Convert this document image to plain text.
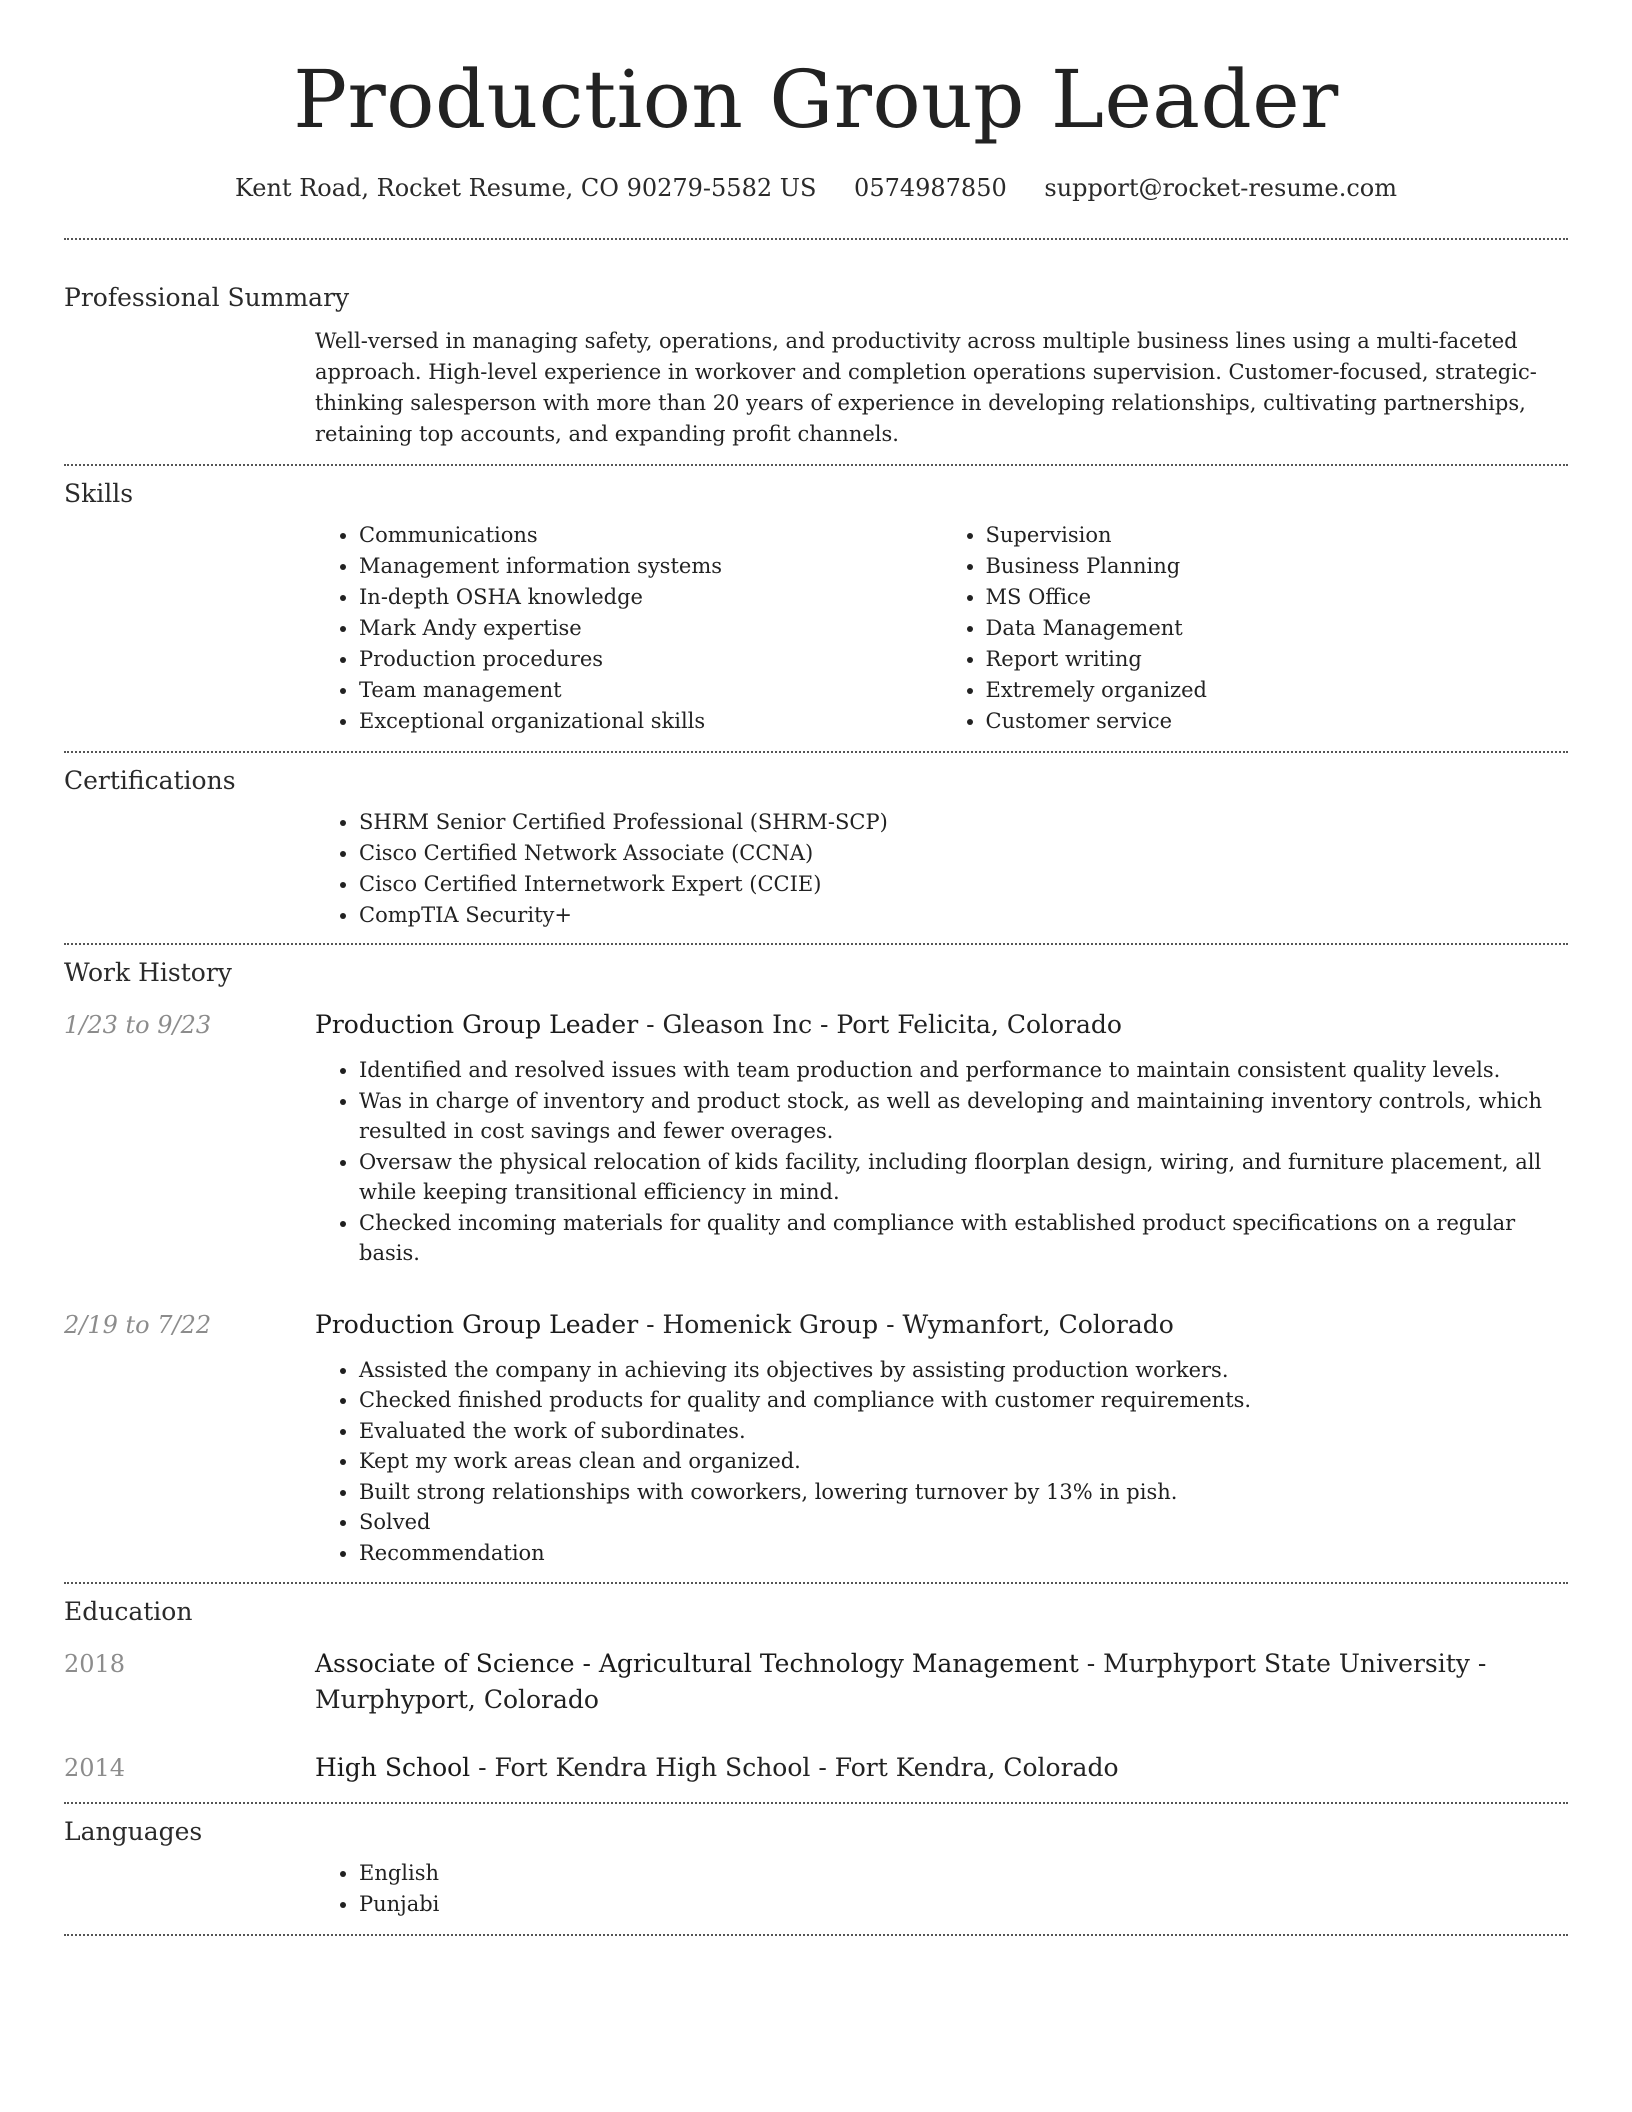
Production Group Leader
Kent Road, Rocket Resume, CO 90279-5582 US 0574987850 support@rocket-resume.com
Professional Summary
Well-versed in managing safety, operations, and productivity across multiple business lines using a multi-faceted approach. High-level experience in workover and completion operations supervision. Customer-focused, strategic-thinking salesperson with more than 20 years of experience in developing relationships, cultivating partnerships, retaining top accounts, and expanding profit channels.
Skills
• Communications
• Management information systems
• In-depth OSHA knowledge
• Mark Andy expertise
• Production procedures
• Team management
• Exceptional organizational skills
• Supervision
• Business Planning
• MS Office
• Data Management
• Report writing
• Extremely organized
• Customer service
Certifications
• SHRM Senior Certified Professional (SHRM-SCP)
• Cisco Certified Network Associate (CCNA)
• Cisco Certified Internetwork Expert (CCIE)
• CompTIA Security+
Work History
1/23 to 9/23	Production Group Leader - Gleason Inc - Port Felicita, Colorado
• Identified and resolved issues with team production and performance to maintain consistent quality levels.
• Was in charge of inventory and product stock, as well as developing and maintaining inventory controls, which resulted in cost savings and fewer overages.
• Oversaw the physical relocation of kids facility, including floorplan design, wiring, and furniture placement, all while keeping transitional efficiency in mind.
• Checked incoming materials for quality and compliance with established product specifications on a regular basis.
2/19 to 7/22	Production Group Leader - Homenick Group - Wymanfort, Colorado
• Assisted the company in achieving its objectives by assisting production workers.
• Checked finished products for quality and compliance with customer requirements.
• Evaluated the work of subordinates.
• Kept my work areas clean and organized.
• Built strong relationships with coworkers, lowering turnover by 13% in pish.
• Solved
• Recommendation
Education
2018	Associate of Science - Agricultural Technology Management - Murphyport State University - Murphyport, Colorado
2014	High School - Fort Kendra High School - Fort Kendra, Colorado
Languages
• English
• Punjabi
